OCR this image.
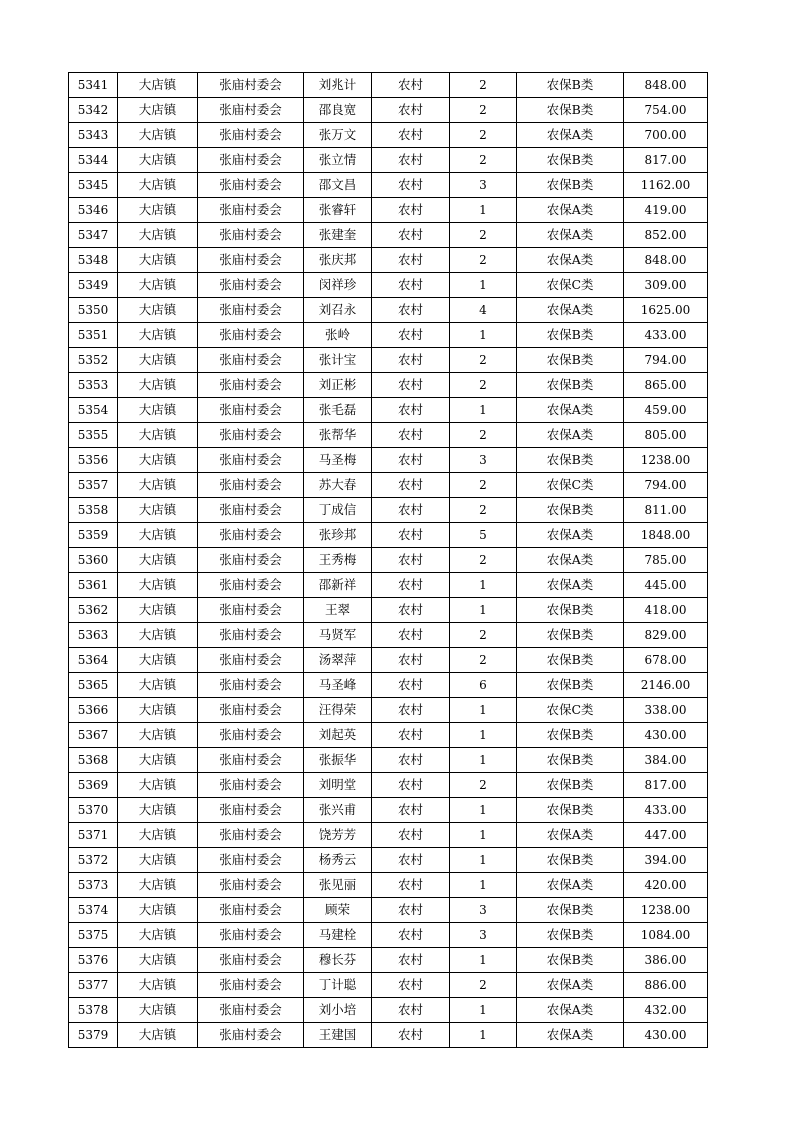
5341	大店镇	张庙村委会	刘兆计	农村	2	农保B类	848.00
5342	大店镇	张庙村委会	邵良宽	农村	2	农保B类	754.00
5343	大店镇	张庙村委会	张万文	农村	2	农保A类	700.00
5344	大店镇	张庙村委会	张立情	农村	2	农保B类	817.00
5345	大店镇	张庙村委会	邵文昌	农村	3	农保B类	1162.00
5346	大店镇	张庙村委会	张睿轩	农村	1	农保A类	419.00
5347	大店镇	张庙村委会	张建奎	农村	2	农保A类	852.00
5348	大店镇	张庙村委会	张庆邦	农村	2	农保A类	848.00
5349	大店镇	张庙村委会	闵祥珍	农村	1	农保C类	309.00
5350	大店镇	张庙村委会	刘召永	农村	4	农保A类	1625.00
5351	大店镇	张庙村委会	张岭	农村	1	农保B类	433.00
5352	大店镇	张庙村委会	张计宝	农村	2	农保B类	794.00
5353	大店镇	张庙村委会	刘正彬	农村	2	农保B类	865.00
5354	大店镇	张庙村委会	张毛磊	农村	1	农保A类	459.00
5355	大店镇	张庙村委会	张帮华	农村	2	农保A类	805.00
5356	大店镇	张庙村委会	马圣梅	农村	3	农保B类	1238.00
5357	大店镇	张庙村委会	苏大春	农村	2	农保C类	794.00
5358	大店镇	张庙村委会	丁成信	农村	2	农保B类	811.00
5359	大店镇	张庙村委会	张珍邦	农村	5	农保A类	1848.00
5360	大店镇	张庙村委会	王秀梅	农村	2	农保A类	785.00
5361	大店镇	张庙村委会	邵新祥	农村	1	农保A类	445.00
5362	大店镇	张庙村委会	王翠	农村	1	农保B类	418.00
5363	大店镇	张庙村委会	马贤军	农村	2	农保B类	829.00
5364	大店镇	张庙村委会	汤翠萍	农村	2	农保B类	678.00
5365	大店镇	张庙村委会	马圣峰	农村	6	农保B类	2146.00
5366	大店镇	张庙村委会	汪得荣	农村	1	农保C类	338.00
5367	大店镇	张庙村委会	刘起英	农村	1	农保B类	430.00
5368	大店镇	张庙村委会	张振华	农村	1	农保B类	384.00
5369	大店镇	张庙村委会	刘明堂	农村	2	农保B类	817.00
5370	大店镇	张庙村委会	张兴甫	农村	1	农保B类	433.00
5371	大店镇	张庙村委会	饶芳芳	农村	1	农保A类	447.00
5372	大店镇	张庙村委会	杨秀云	农村	1	农保B类	394.00
5373	大店镇	张庙村委会	张见丽	农村	1	农保A类	420.00
5374	大店镇	张庙村委会	顾荣	农村	3	农保B类	1238.00
5375	大店镇	张庙村委会	马建栓	农村	3	农保B类	1084.00
5376	大店镇	张庙村委会	穆长芬	农村	1	农保B类	386.00
5377	大店镇	张庙村委会	丁计聪	农村	2	农保A类	886.00
5378	大店镇	张庙村委会	刘小培	农村	1	农保A类	432.00
5379	大店镇	张庙村委会	王建国	农村	1	农保A类	430.00
